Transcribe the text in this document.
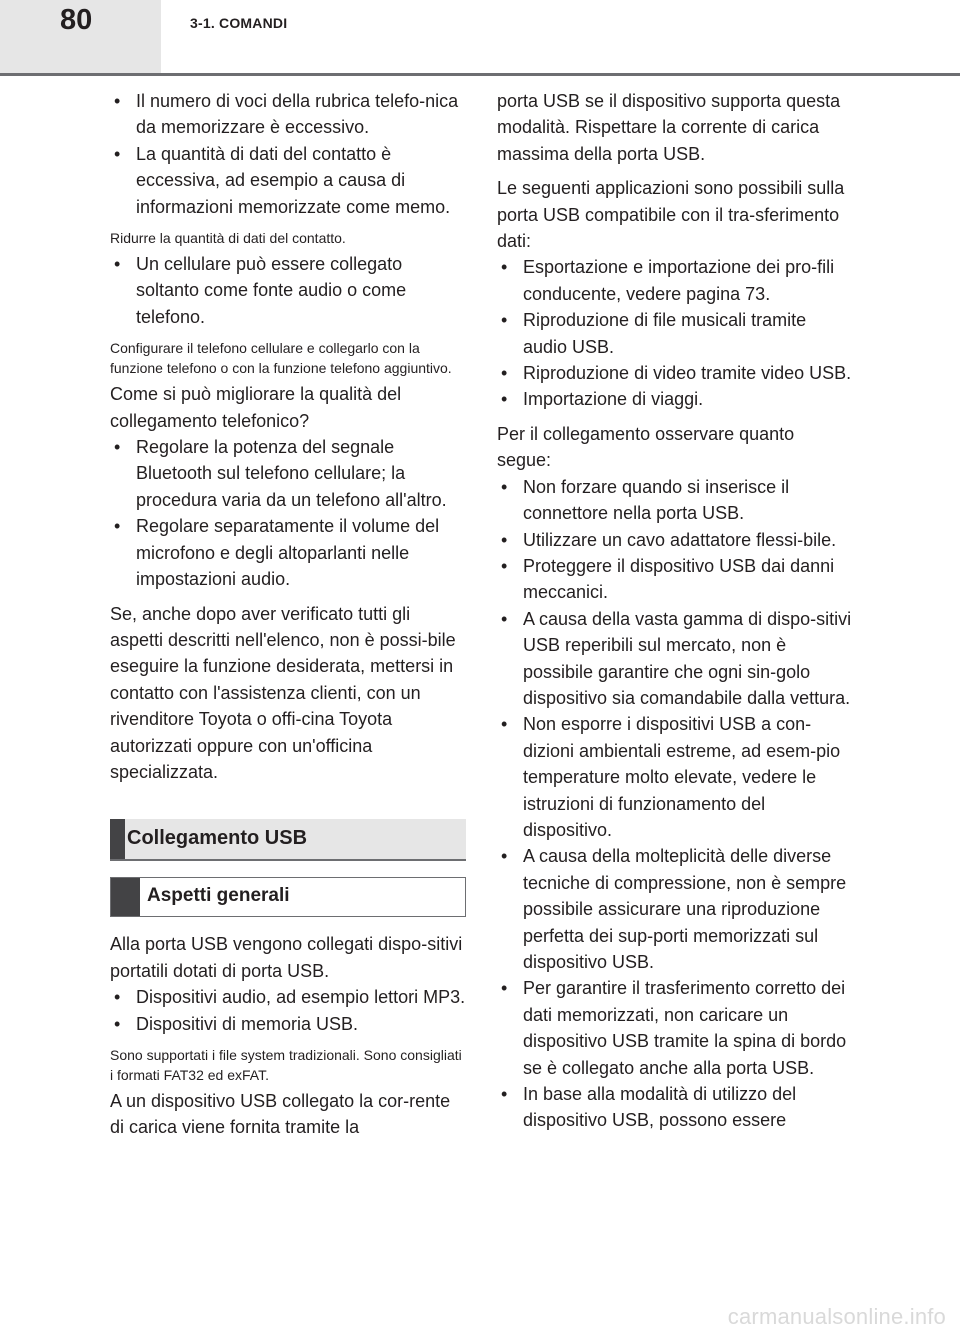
80	3-1. COMANDI
• Il numero di voci della rubrica telefo-nica da memorizzare è eccessivo.
• La quantità di dati del contatto è eccessiva, ad esempio a causa di informazioni memorizzate come memo.
Ridurre la quantità di dati del contatto.
• Un cellulare può essere collegato soltanto come fonte audio o come telefono.
Configurare il telefono cellulare e collegarlo con la funzione telefono o con la funzione telefono aggiuntivo.

Come si può migliorare la qualità del collegamento telefonico?

• Regolare la potenza del segnale Bluetooth sul telefono cellulare; la procedura varia da un telefono all'altro.
• Regolare separatamente il volume del microfono e degli altoparlanti nelle impostazioni audio.

Se, anche dopo aver verificato tutti gli aspetti descritti nell'elenco, non è possi-bile eseguire la funzione desiderata, mettersi in contatto con l'assistenza clienti, con un rivenditore Toyota o offi-cina Toyota autorizzati oppure con un'officina specializzata.

Collegamento USB
Aspetti generali

Alla porta USB vengono collegati dispo-sitivi portatili dotati di porta USB.

• Dispositivi audio, ad esempio lettori MP3.
• Dispositivi di memoria USB.
Sono supportati i file system tradizionali. Sono consigliati i formati FAT32 ed exFAT.

A un dispositivo USB collegato la cor-rente di carica viene fornita tramite la

porta USB se il dispositivo supporta questa modalità. Rispettare la corrente di carica massima della porta USB.

Le seguenti applicazioni sono possibili sulla porta USB compatibile con il tra-sferimento dati:

• Esportazione e importazione dei pro-fili conducente, vedere pagina 73.
• Riproduzione di file musicali tramite audio USB.
• Riproduzione di video tramite video USB.
• Importazione di viaggi.

Per il collegamento osservare quanto segue:

• Non forzare quando si inserisce il connettore nella porta USB.
• Utilizzare un cavo adattatore flessi-bile.
• Proteggere il dispositivo USB dai danni meccanici.
• A causa della vasta gamma di dispo-sitivi USB reperibili sul mercato, non è possibile garantire che ogni sin-golo dispositivo sia comandabile dalla vettura.
• Non esporre i dispositivi USB a con-dizioni ambientali estreme, ad esem-pio temperature molto elevate, vedere le istruzioni di funzionamento del dispositivo.
• A causa della molteplicità delle diverse tecniche di compressione, non è sempre possibile assicurare una riproduzione perfetta dei sup-porti memorizzati sul dispositivo USB.
• Per garantire il trasferimento corretto dei dati memorizzati, non caricare un dispositivo USB tramite la spina di bordo se è collegato anche alla porta USB.
• In base alla modalità di utilizzo del dispositivo USB, possono essere
carmanualsonline.info
